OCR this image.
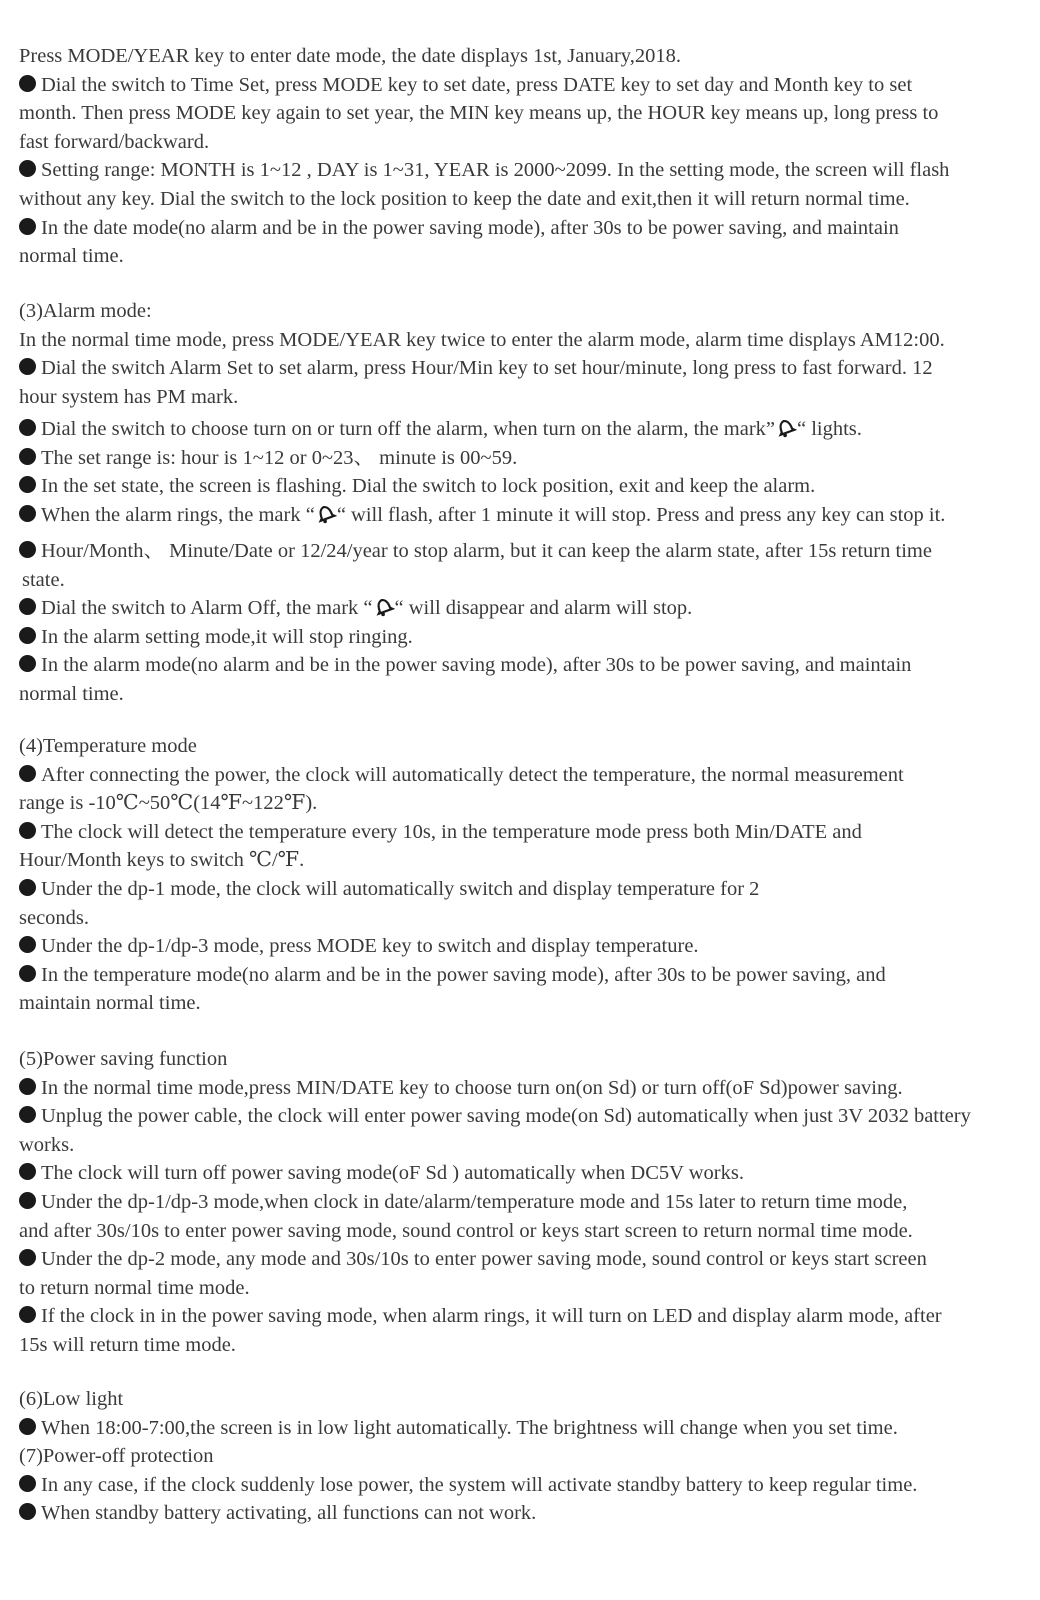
Press MODE/YEAR key to enter date mode, the date displays 1st, January,2018.
Dial the switch to Time Set, press MODE key to set date, press DATE key to set day and Month key to set
month. Then press MODE key again to set year, the MIN key means up, the HOUR key means up, long press to
fast forward/backward.
Setting range: MONTH is 1~12 , DAY is 1~31, YEAR is 2000~2099. In the setting mode, the screen will flash
without any key. Dial the switch to the lock position to keep the date and exit,then it will return normal time.
In the date mode(no alarm and be in the power saving mode), after 30s to be power saving, and maintain
normal time.

(3)Alarm mode:
In the normal time mode, press MODE/YEAR key twice to enter the alarm mode, alarm time displays AM12:00.
Dial the switch Alarm Set to set alarm, press Hour/Min key to set hour/minute, long press to fast forward. 12
hour system has PM mark.

Dial the switch to choose turn on or turn off the alarm, when turn on the alarm, the mark” “ lights.
The set range is: hour is 1~12 or 0~23、 minute is 00~59.
In the set state, the screen is flashing. Dial the switch to lock position, exit and keep the alarm.
When the alarm rings, the mark “ “ will flash, after 1 minute it will stop. Press and press any key can stop it.

Hour/Month、 Minute/Date or 12/24/year to stop alarm, but it can keep the alarm state, after 15s return time
state.
Dial the switch to Alarm Off, the mark “ “ will disappear and alarm will stop.
In the alarm setting mode,it will stop ringing.
In the alarm mode(no alarm and be in the power saving mode), after 30s to be power saving, and maintain
normal time.

(4)Temperature mode
After connecting the power, the clock will automatically detect the temperature, the normal measurement
range is -10℃~50℃(14℉~122℉).
The clock will detect the temperature every 10s, in the temperature mode press both Min/DATE and
Hour/Month keys to switch ℃/℉.
Under the dp-1 mode, the clock will automatically switch and display temperature for 2
seconds.
Under the dp-1/dp-3 mode, press MODE key to switch and display temperature.
In the temperature mode(no alarm and be in the power saving mode), after 30s to be power saving, and
maintain normal time.

(5)Power saving function
In the normal time mode,press MIN/DATE key to choose turn on(on Sd) or turn off(oF Sd)power saving.
Unplug the power cable, the clock will enter power saving mode(on Sd) automatically when just 3V 2032 battery
works.
The clock will turn off power saving mode(oF Sd ) automatically when DC5V works.
Under the dp-1/dp-3 mode,when clock in date/alarm/temperature mode and 15s later to return time mode,
and after 30s/10s to enter power saving mode, sound control or keys start screen to return normal time mode.
Under the dp-2 mode, any mode and 30s/10s to enter power saving mode, sound control or keys start screen
to return normal time mode.
If the clock in in the power saving mode, when alarm rings, it will turn on LED and display alarm mode, after
15s will return time mode.

(6)Low light
When 18:00-7:00,the screen is in low light automatically. The brightness will change when you set time.
(7)Power-off protection
In any case, if the clock suddenly lose power, the system will activate standby battery to keep regular time.
When standby battery activating, all functions can not work.
